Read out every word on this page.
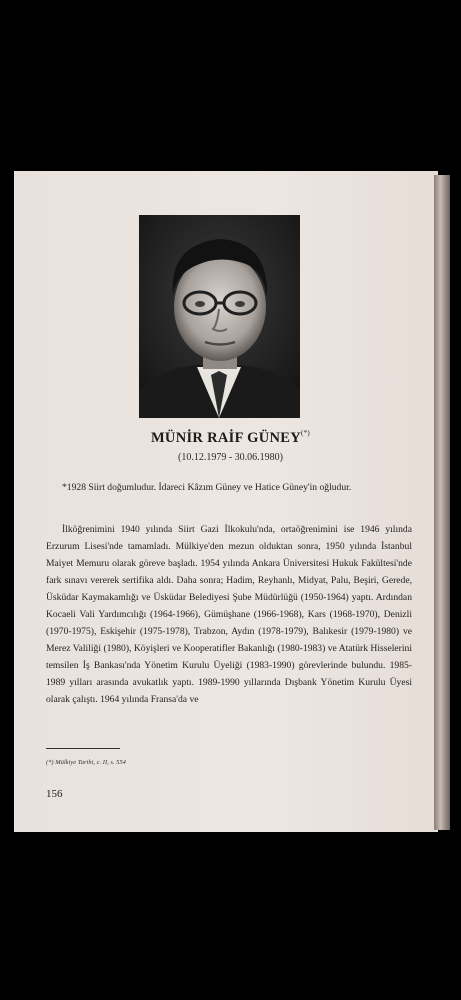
MÜNİR RAİF GÜNEY(*)
(10.12.1979 - 30.06.1980)
*1928 Siirt doğumludur. İdareci Kâzım Güney ve Hatice Güney'in oğludur.
İlköğrenimini 1940 yılında Siirt Gazi İlkokulu'nda, ortaöğrenimini ise 1946 yılında Erzurum Lisesi'nde tamamladı. Mülkiye'den mezun olduktan sonra, 1950 yılında İstanbul Maiyet Memuru olarak göreve başladı. 1954 yılında Ankara Üniversitesi Hukuk Fakültesi'nde fark sınavı vererek sertifika aldı. Daha sonra; Hadim, Reyhanlı, Midyat, Palu, Beşiri, Gerede, Üsküdar Kaymakamlığı ve Üsküdar Belediyesi Şube Müdürlüğü (1950-1964) yaptı. Ardından Kocaeli Vali Yardımcılığı (1964-1966), Gümüşhane (1966-1968), Kars (1968-1970), Denizli (1970-1975), Eskişehir (1975-1978), Trabzon, Aydın (1978-1979), Balıkesir (1979-1980) ve Merez Valiliği (1980), Köyişleri ve Kooperatifler Bakanlığı (1980-1983) ve Atatürk Hisselerini temsilen İş Bankası'nda Yönetim Kurulu Üyeliği (1983-1990) görevlerinde bulundu. 1985-1989 yılları arasında avukatlık yaptı. 1989-1990 yıllarında Dışbank Yönetim Kurulu Üyesi olarak çalıştı. 1964 yılında Fransa'da ve
(*) Mülkiye Tarihi, c. II, s. 554
156
